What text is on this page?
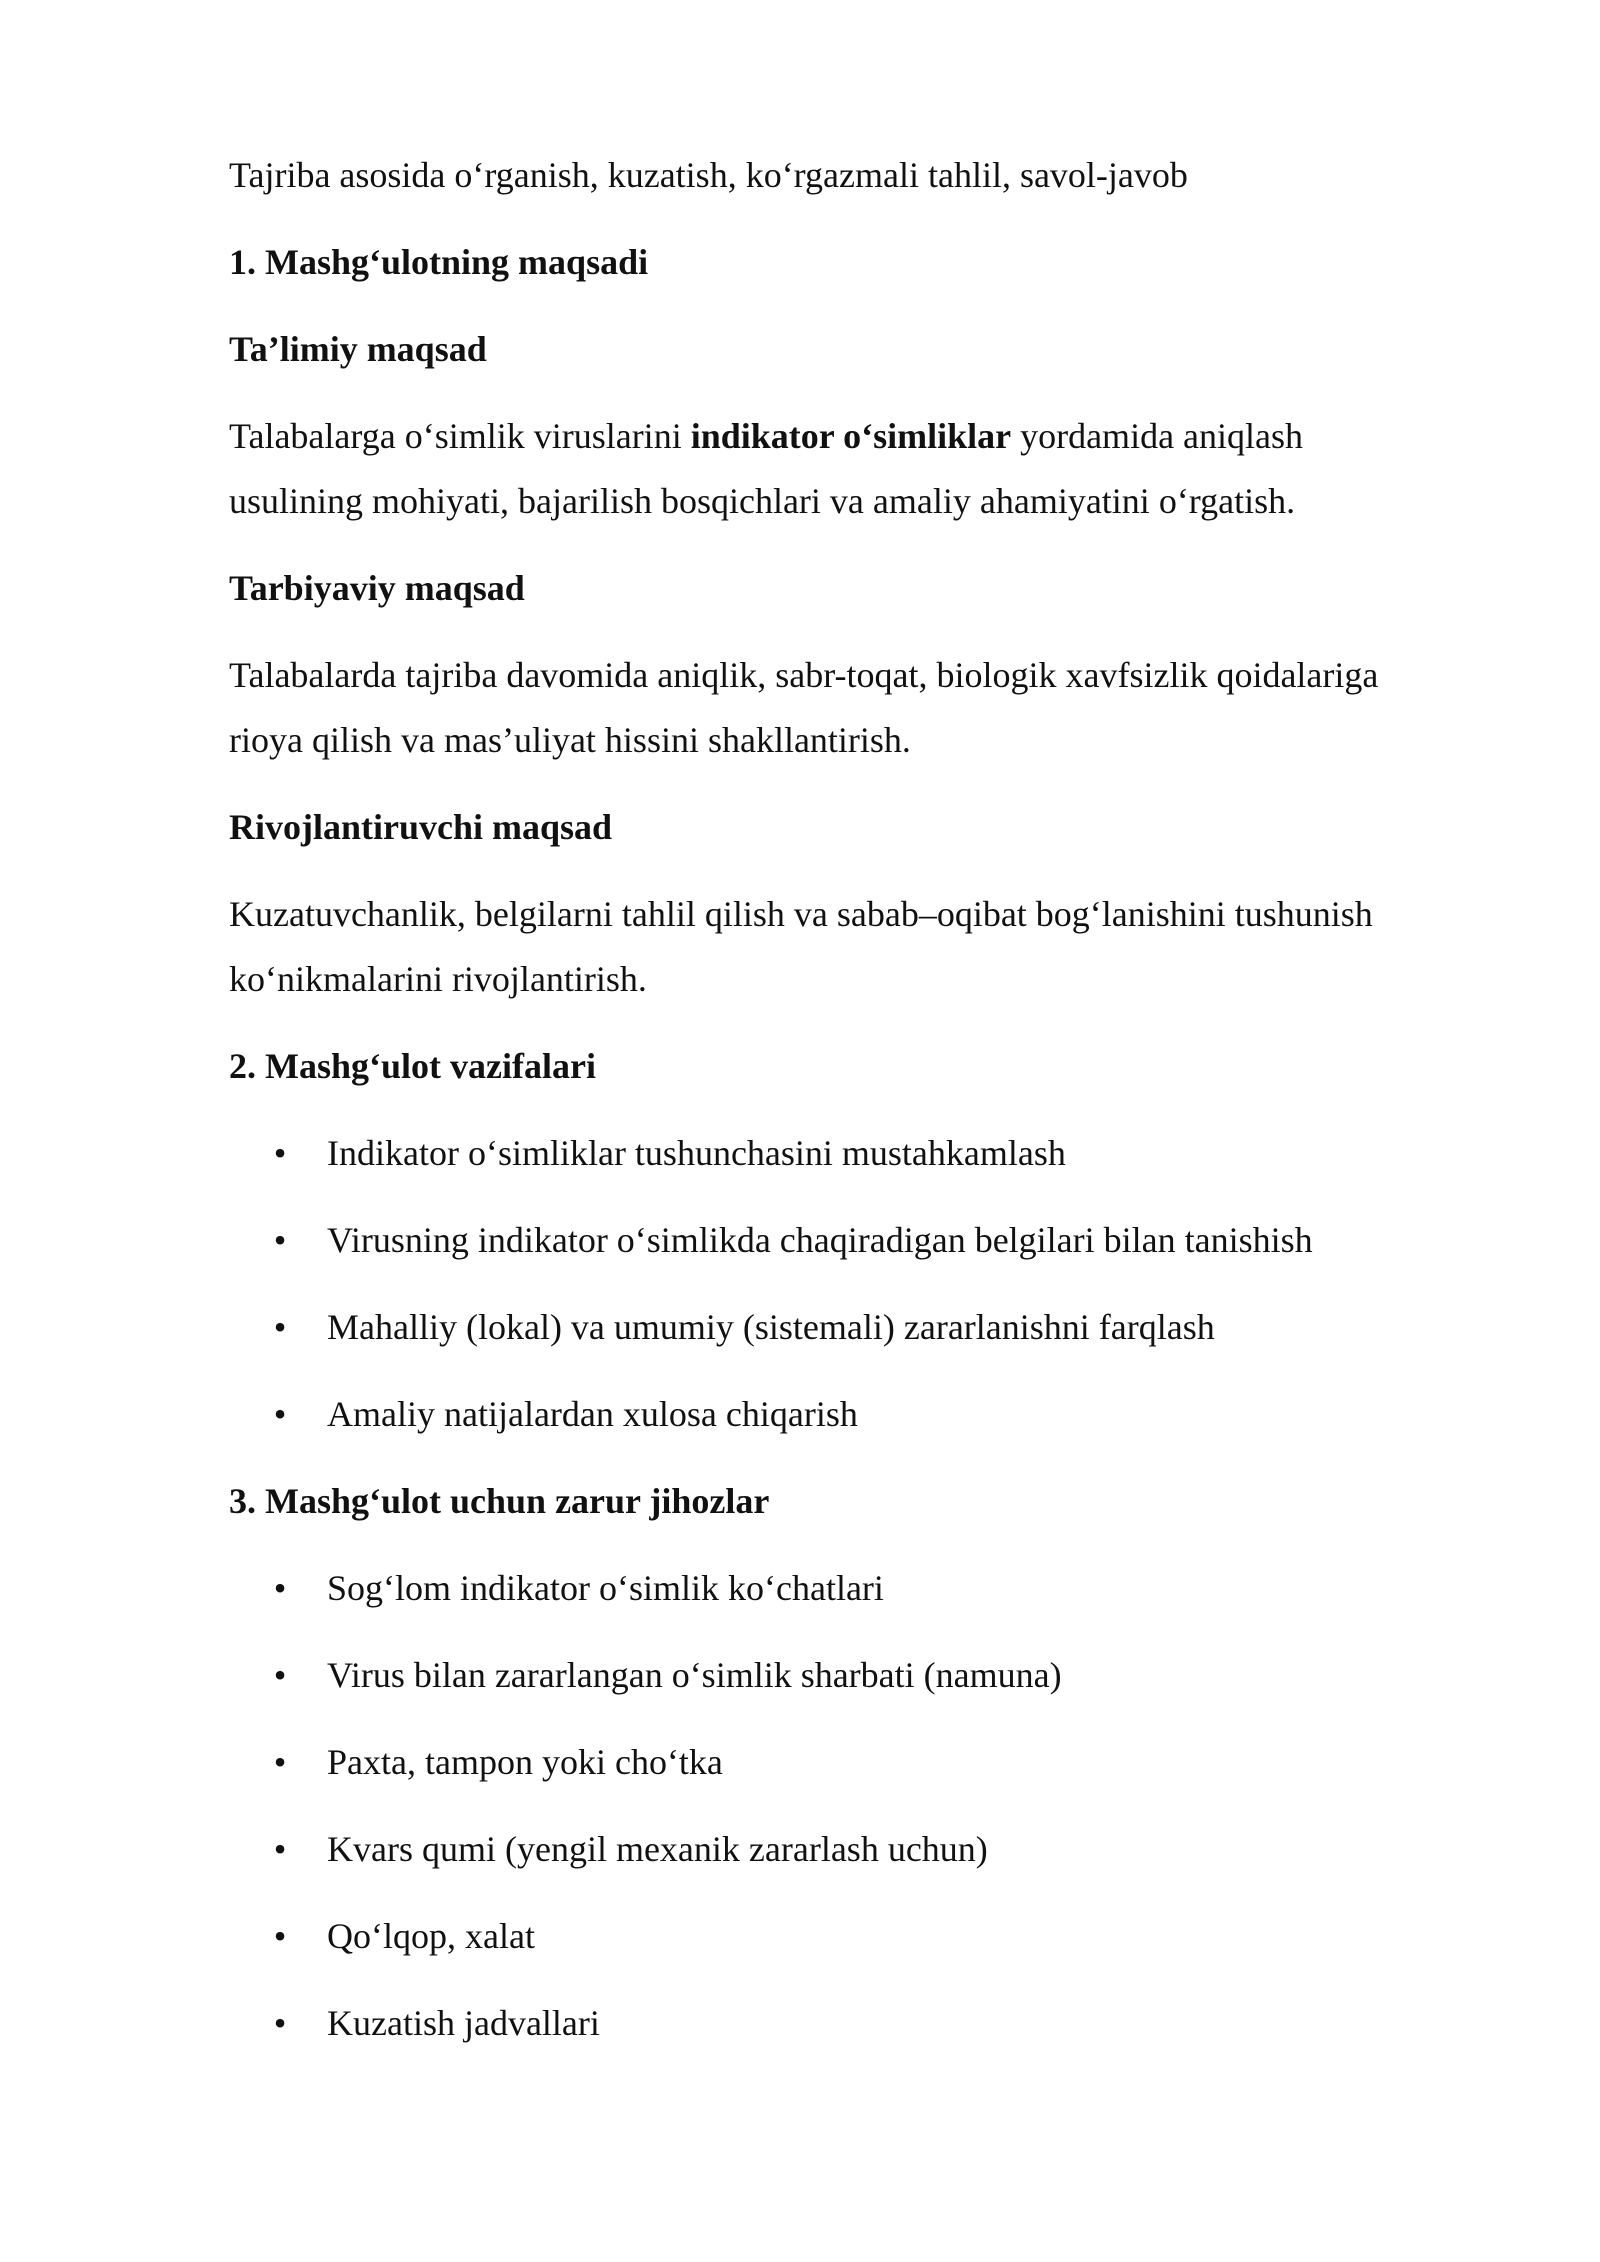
Tajriba asosida o‘rganish, kuzatish, ko‘rgazmali tahlil, savol-javob

1. Mashg‘ulotning maqsadi

Ta’limiy maqsad

Talabalarga o‘simlik viruslarini indikator o‘simliklar yordamida aniqlash

usulining mohiyati, bajarilish bosqichlari va amaliy ahamiyatini o‘rgatish.

Tarbiyaviy maqsad

Talabalarda tajriba davomida aniqlik, sabr-toqat, biologik xavfsizlik qoidalariga

rioya qilish va mas’uliyat hissini shakllantirish.

Rivojlantiruvchi maqsad

Kuzatuvchanlik, belgilarni tahlil qilish va sabab–oqibat bog‘lanishini tushunish

ko‘nikmalarini rivojlantirish.

2. Mashg‘ulot vazifalari

• Indikator o‘simliklar tushunchasini mustahkamlash
• Virusning indikator o‘simlikda chaqiradigan belgilari bilan tanishish
• Mahalliy (lokal) va umumiy (sistemali) zararlanishni farqlash
• Amaliy natijalardan xulosa chiqarish

3. Mashg‘ulot uchun zarur jihozlar

• Sog‘lom indikator o‘simlik ko‘chatlari
• Virus bilan zararlangan o‘simlik sharbati (namuna)
• Paxta, tampon yoki cho‘tka
• Kvars qumi (yengil mexanik zararlash uchun)
• Qo‘lqop, xalat
• Kuzatish jadvallari
